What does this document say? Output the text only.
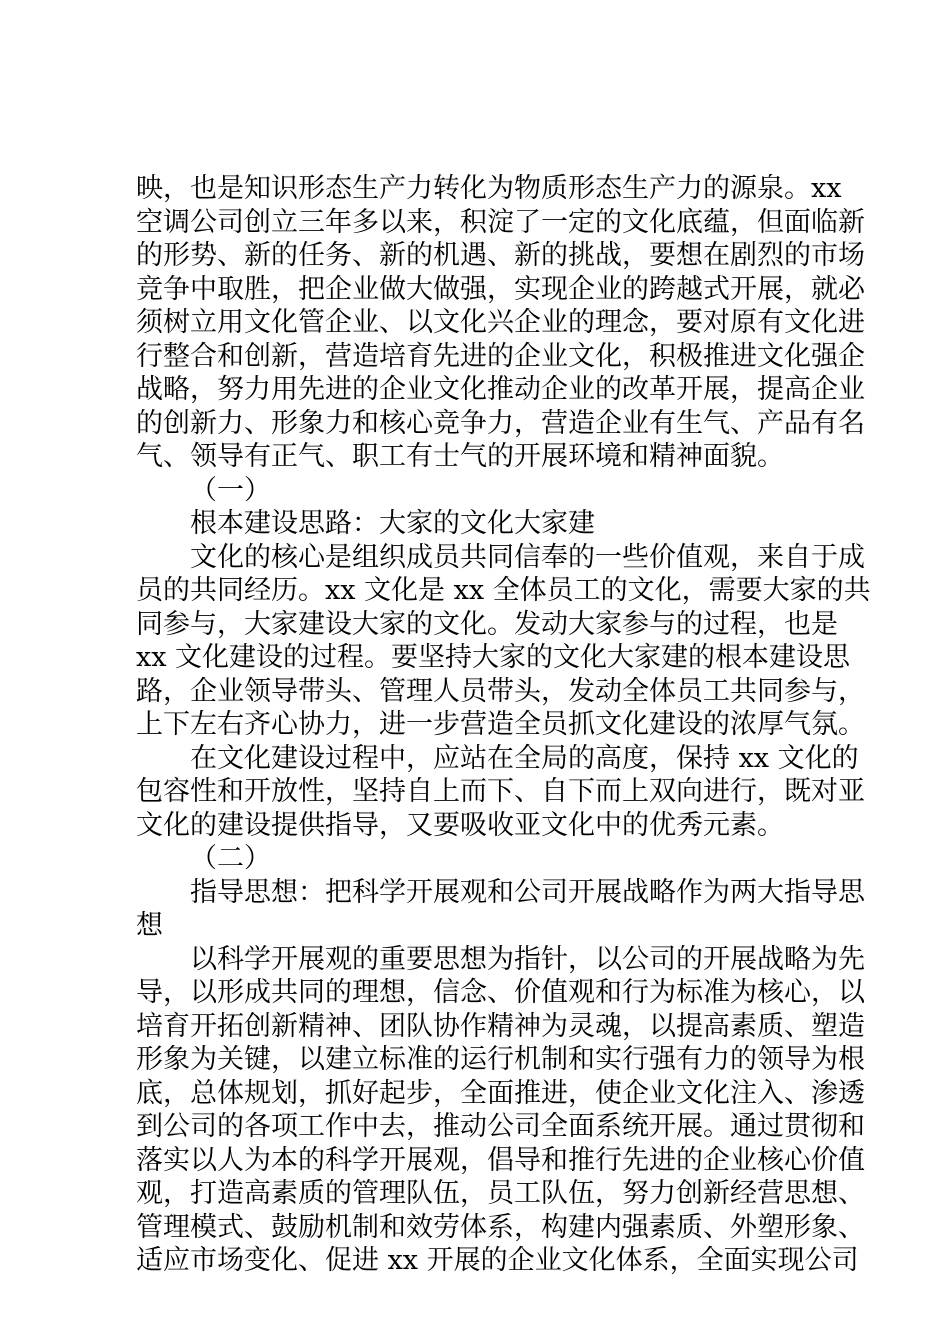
映，也是知识形态生产力转化为物质形态生产力的源泉。xx
空调公司创立三年多以来，积淀了一定的文化底蕴，但面临新
的形势、新的任务、新的机遇、新的挑战，要想在剧烈的市场
竞争中取胜，把企业做大做强，实现企业的跨越式开展，就必
须树立用文化管企业、以文化兴企业的理念，要对原有文化进
行整合和创新，营造培育先进的企业文化，积极推进文化强企
战略，努力用先进的企业文化推动企业的改革开展，提高企业
的创新力、形象力和核心竞争力，营造企业有生气、产品有名
气、领导有正气、职工有士气的开展环境和精神面貌。
（一）
根本建设思路：大家的文化大家建
文化的核心是组织成员共同信奉的一些价值观，来自于成
员的共同经历。xx 文化是 xx 全体员工的文化，需要大家的共
同参与，大家建设大家的文化。发动大家参与的过程，也是
xx 文化建设的过程。要坚持大家的文化大家建的根本建设思
路，企业领导带头、管理人员带头，发动全体员工共同参与，
上下左右齐心协力，进一步营造全员抓文化建设的浓厚气氛。
在文化建设过程中，应站在全局的高度，保持 xx 文化的
包容性和开放性，坚持自上而下、自下而上双向进行，既对亚
文化的建设提供指导，又要吸收亚文化中的优秀元素。
（二）
指导思想：把科学开展观和公司开展战略作为两大指导思
想
以科学开展观的重要思想为指针，以公司的开展战略为先
导，以形成共同的理想，信念、价值观和行为标准为核心，以
培育开拓创新精神、团队协作精神为灵魂，以提高素质、塑造
形象为关键，以建立标准的运行机制和实行强有力的领导为根
底，总体规划，抓好起步，全面推进，使企业文化注入、渗透
到公司的各项工作中去，推动公司全面系统开展。通过贯彻和
落实以人为本的科学开展观，倡导和推行先进的企业核心价值
观，打造高素质的管理队伍，员工队伍，努力创新经营思想、
管理模式、鼓励机制和效劳体系，构建内强素质、外塑形象、
适应市场变化、促进 xx 开展的企业文化体系，全面实现公司
